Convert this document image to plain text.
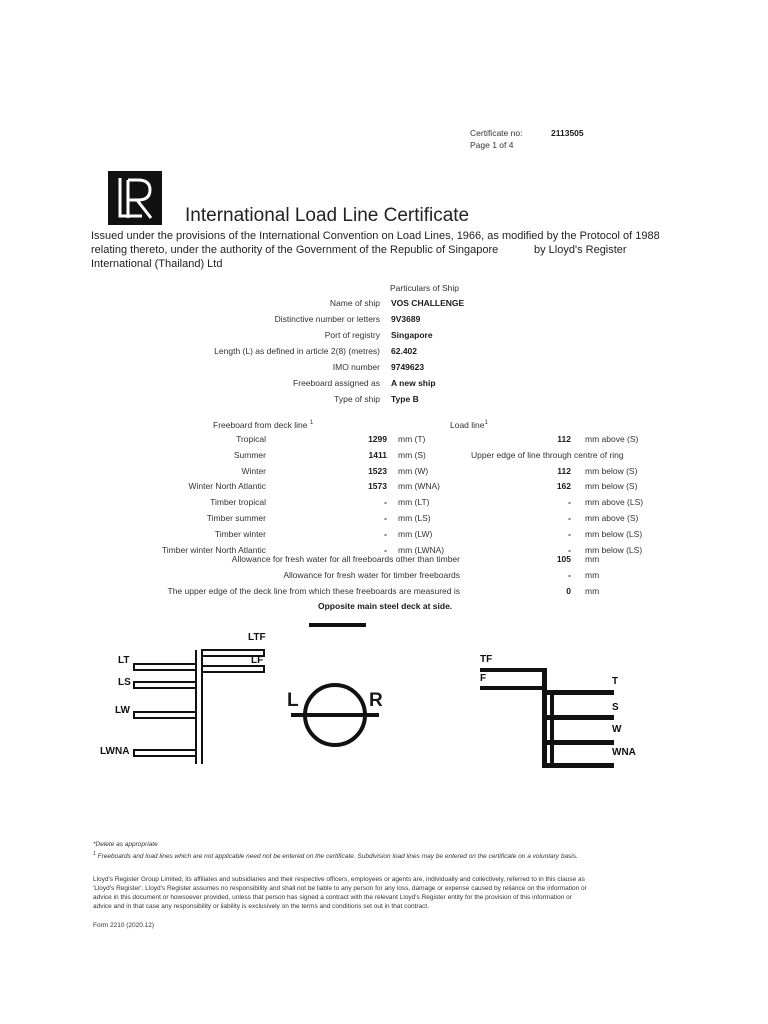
Certificate no:	2113505
Page 1 of 4
International Load Line Certificate
Issued under the provisions of the International Convention on Load Lines, 1966, as modified by the Protocol of 1988
relating thereto, under the authority of the Government of the Republic of Singapore	by Lloyd's Register
International (Thailand) Ltd
Particulars of Ship
Name of ship VOS CHALLENGE
Distinctive number or letters 9V3689
Port of registry Singapore
Length (L) as defined in article 2(8) (metres) 62.402
IMO number 9749623
Freeboard assigned as A new ship
Type of ship Type B
Freeboard from deck line $^1$	Load line$^1$
Tropical	1299 mm (T)	112 mm above (S)
Summer	1411 mm (S)	Upper edge of line through centre of ring
Winter	1523 mm (W)	112 mm below (S)
Winter North Atlantic	1573 mm (WNA)	162 mm below (S)
Timber tropical	- mm (LT)	- mm above (LS)
Timber summer	- mm (LS)	- mm above (S)
Timber winter	- mm (LW)	- mm below (LS)
Timber winter North Atlantic	- mm (LWNA)	- mm below (LS)
Allowance for fresh water for all freeboards other than timber	105 mm
Allowance for fresh water for timber freeboards	- mm
The upper edge of the deck line from which these freeboards are measured is	0 mm
Opposite main steel deck at side.
LTF
LT	LF
LS
LW
LWNA
L	R
TF
F	T
S
W
WNA
*Delete as appropriate
$^1$ Freeboards and load lines which are not applicable need not be entered on the certificate. Subdivision load lines may be entered on the certificate on a voluntary basis.
Lloyd's Register Group Limited, its affiliates and subsidiaries and their respective officers, employees or agents are, individually and collectively, referred to in this clause as
'Lloyd's Register'. Lloyd's Register assumes no responsibility and shall not be liable to any person for any loss, damage or expense caused by reliance on the information or
advice in this document or howsoever provided, unless that person has signed a contract with the relevant Lloyd's Register entity for the provision of this information or
advice and in that case any responsibility or liability is exclusively on the terms and conditions set out in that contract.
Form 2210 (2020.12)
